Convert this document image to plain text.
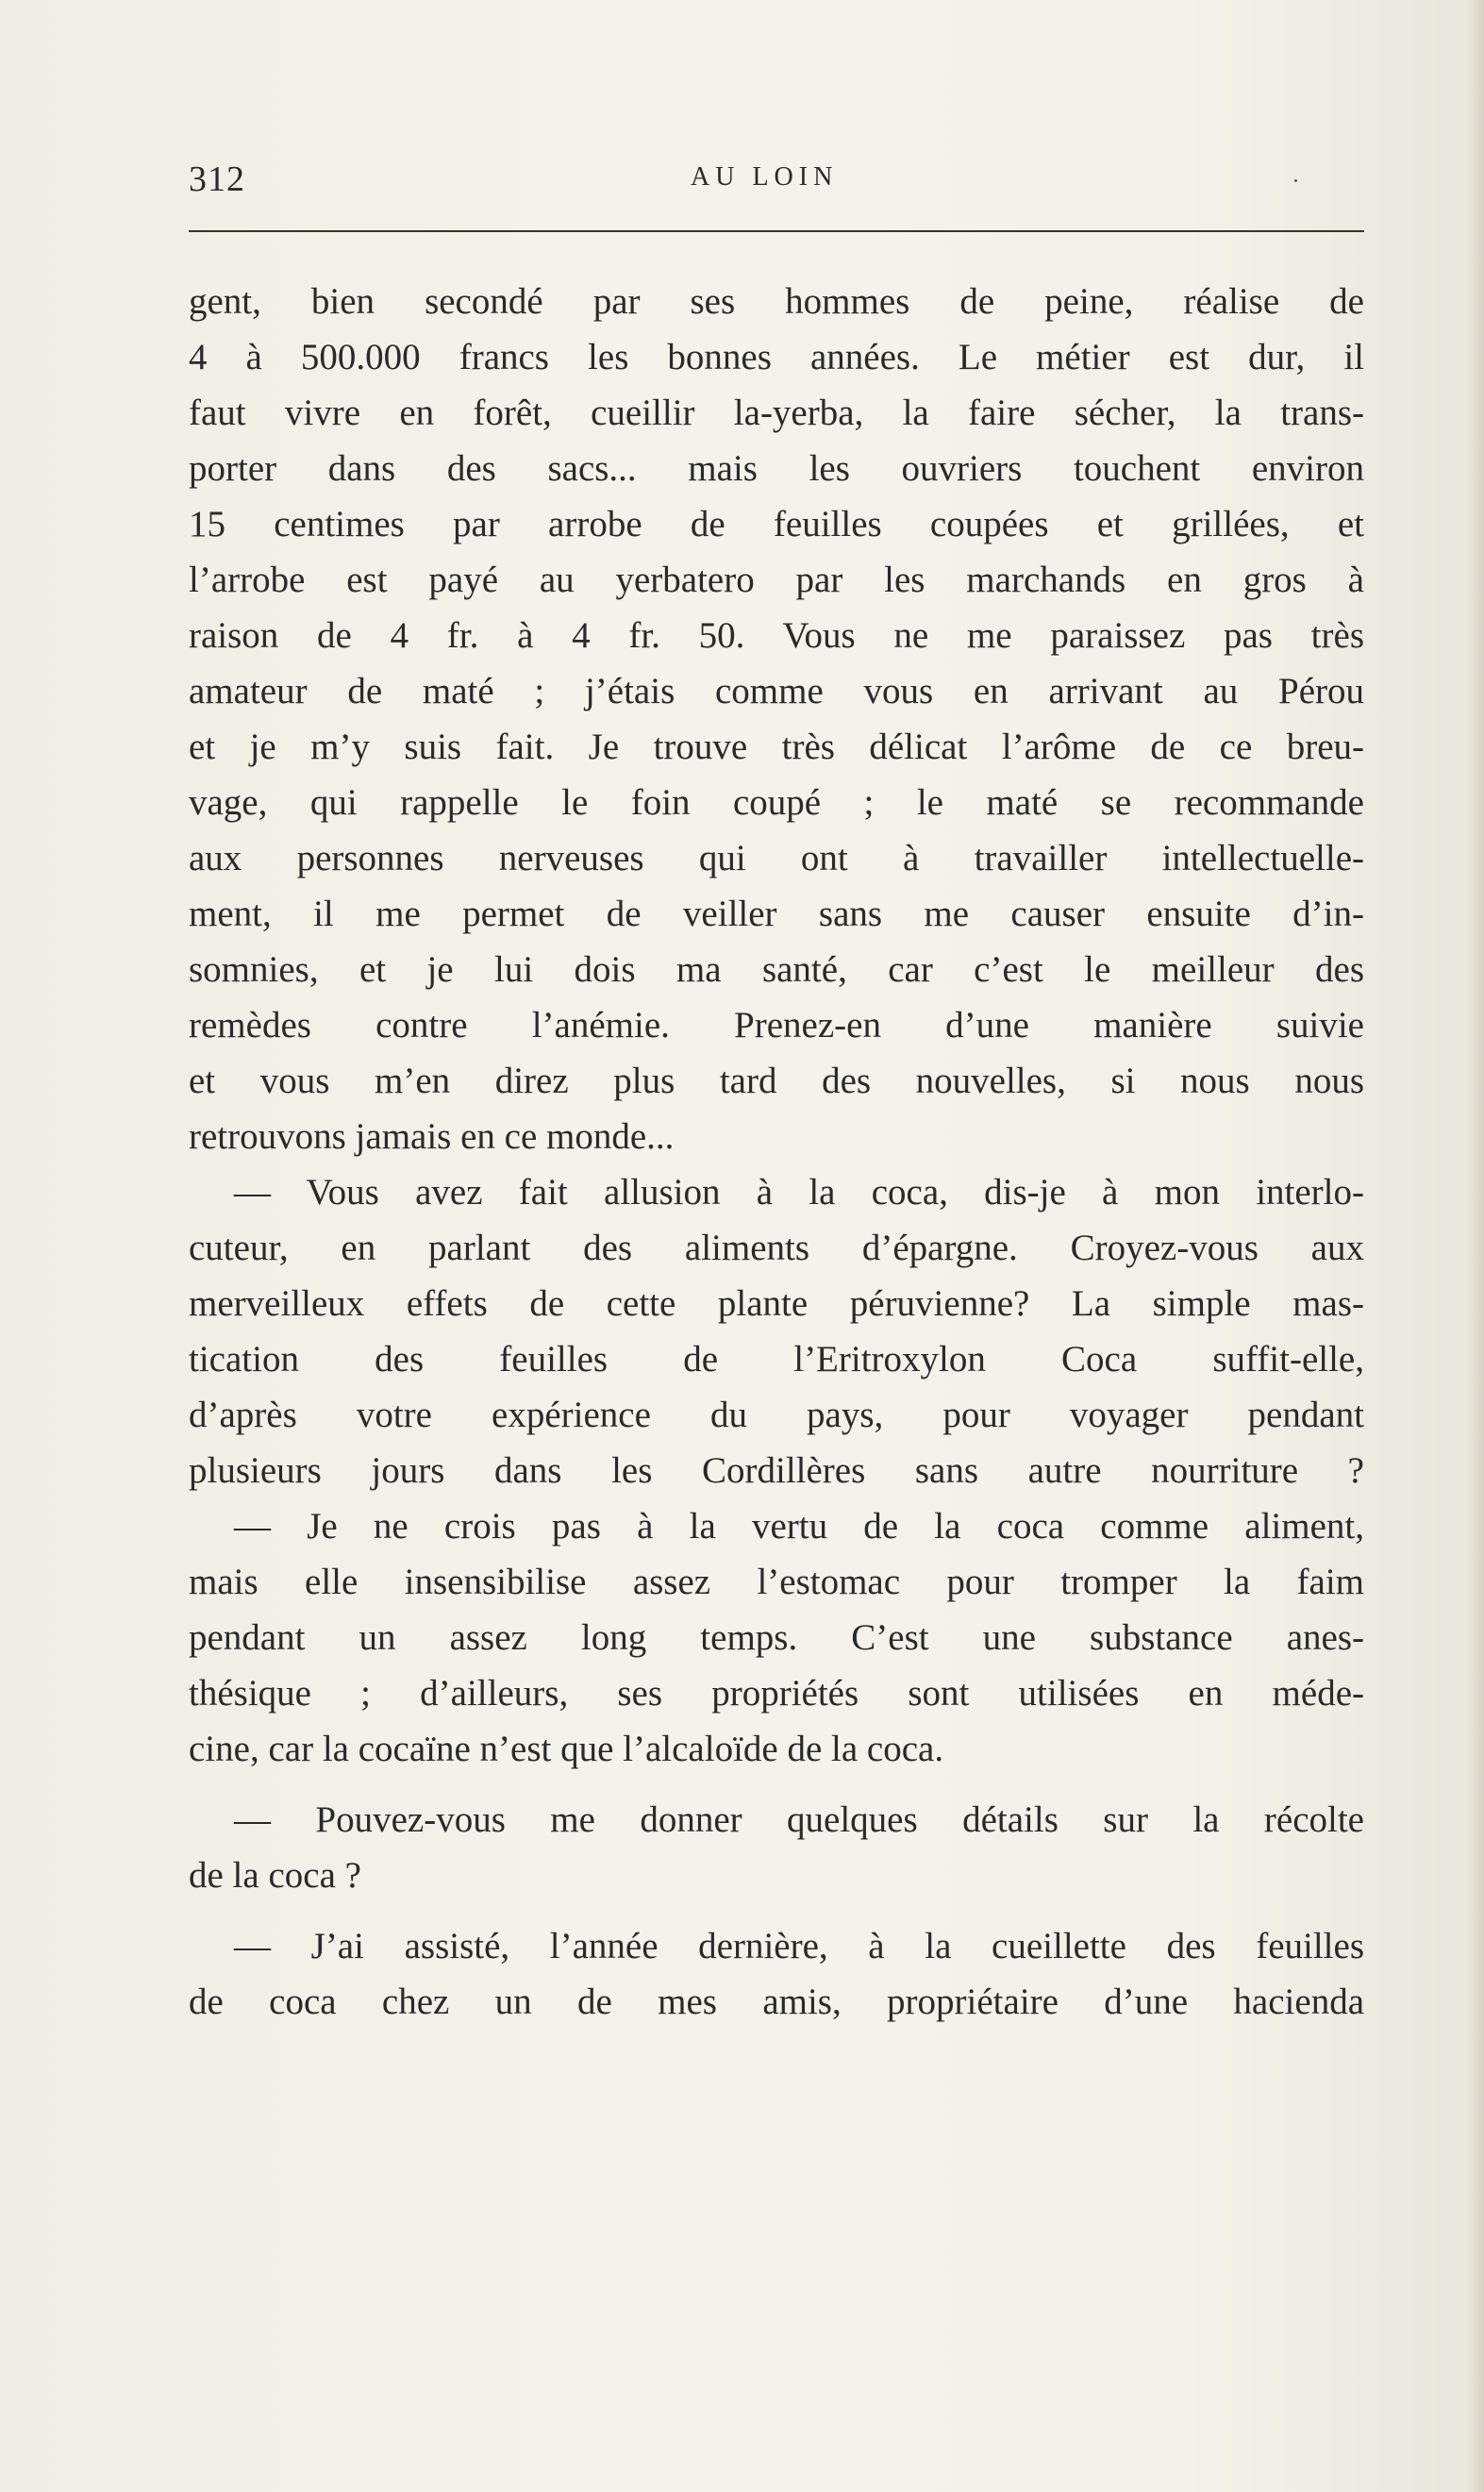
312	AU LOIN
gent, bien secondé par ses hommes de peine, réalise de
4 à 500.000 francs les bonnes années. Le métier est dur, il
faut vivre en forêt, cueillir la-yerba, la faire sécher, la trans-
porter dans des sacs... mais les ouvriers touchent environ
15 centimes par arrobe de feuilles coupées et grillées, et
l’arrobe est payé au yerbatero par les marchands en gros à
raison de 4 fr. à 4 fr. 50. Vous ne me paraissez pas très
amateur de maté ; j’étais comme vous en arrivant au Pérou
et je m’y suis fait. Je trouve très délicat l’arôme de ce breu-
vage, qui rappelle le foin coupé ; le maté se recommande
aux personnes nerveuses qui ont à travailler intellectuelle-
ment, il me permet de veiller sans me causer ensuite d’in-
somnies, et je lui dois ma santé, car c’est le meilleur des
remèdes contre l’anémie. Prenez-en d’une manière suivie
et vous m’en direz plus tard des nouvelles, si nous nous
retrouvons jamais en ce monde...
— Vous avez fait allusion à la coca, dis-je à mon interlo-
cuteur, en parlant des aliments d’épargne. Croyez-vous aux
merveilleux effets de cette plante péruvienne? La simple mas-
tication des feuilles de l’Eritroxylon Coca suffit-elle,
d’après votre expérience du pays, pour voyager pendant
plusieurs jours dans les Cordillères sans autre nourriture ?
— Je ne crois pas à la vertu de la coca comme aliment,
mais elle insensibilise assez l’estomac pour tromper la faim
pendant un assez long temps. C’est une substance anes-
thésique ; d’ailleurs, ses propriétés sont utilisées en méde-
cine, car la cocaïne n’est que l’alcaloïde de la coca.
— Pouvez-vous me donner quelques détails sur la récolte
de la coca ?
— J’ai assisté, l’année dernière, à la cueillette des feuilles
de coca chez un de mes amis, propriétaire d’une hacienda
